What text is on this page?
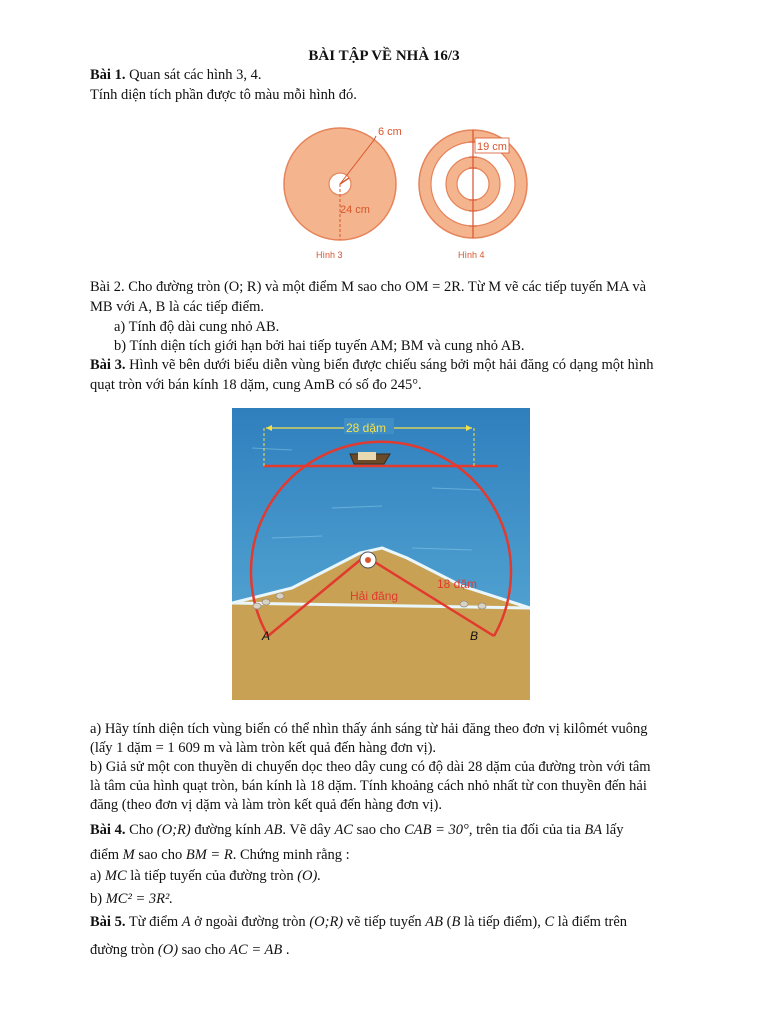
BÀI TẬP VỀ NHÀ 16/3
Bài 1. Quan sát các hình 3, 4.
Tính diện tích phần được tô màu mỗi hình đó.
6 cm
24 cm
Hình 3
19 cm
Hình 4
Bài 2. Cho đường tròn (O; R) và một điểm M sao cho OM = 2R. Từ M vẽ các tiếp tuyến MA và
MB với A, B là các tiếp điểm.
a) Tính độ dài cung nhỏ AB.
b) Tính diện tích giới hạn bởi hai tiếp tuyến AM; BM và cung nhỏ AB.
Bài 3. Hình vẽ bên dưới biểu diễn vùng biển được chiếu sáng bởi một hải đăng có dạng một hình
quạt tròn với bán kính 18 dặm, cung AmB có số đo 245°.
28 dặm
Hải đăng
18 dặm
A	B
a) Hãy tính diện tích vùng biển có thể nhìn thấy ánh sáng từ hải đăng theo đơn vị kilômét vuông
(lấy 1 dặm = 1 609 m và làm tròn kết quả đến hàng đơn vị).
b) Giả sử một con thuyền di chuyển dọc theo dây cung có độ dài 28 dặm của đường tròn với tâm
là tâm của hình quạt tròn, bán kính là 18 dặm. Tính khoảng cách nhỏ nhất từ con thuyền đến hải
đăng (theo đơn vị dặm và làm tròn kết quả đến hàng đơn vị).
Bài 4. Cho (O;R) đường kính AB. Vẽ dây AC sao cho CAB = 30°, trên tia đối của tia BA lấy
điểm M sao cho BM = R. Chứng minh rằng :
a) MC là tiếp tuyến của đường tròn (O).
b) MC² = 3R².
Bài 5. Từ điểm A ở ngoài đường tròn (O;R) vẽ tiếp tuyến AB (B là tiếp điểm), C là điểm trên
đường tròn (O) sao cho AC = AB .
